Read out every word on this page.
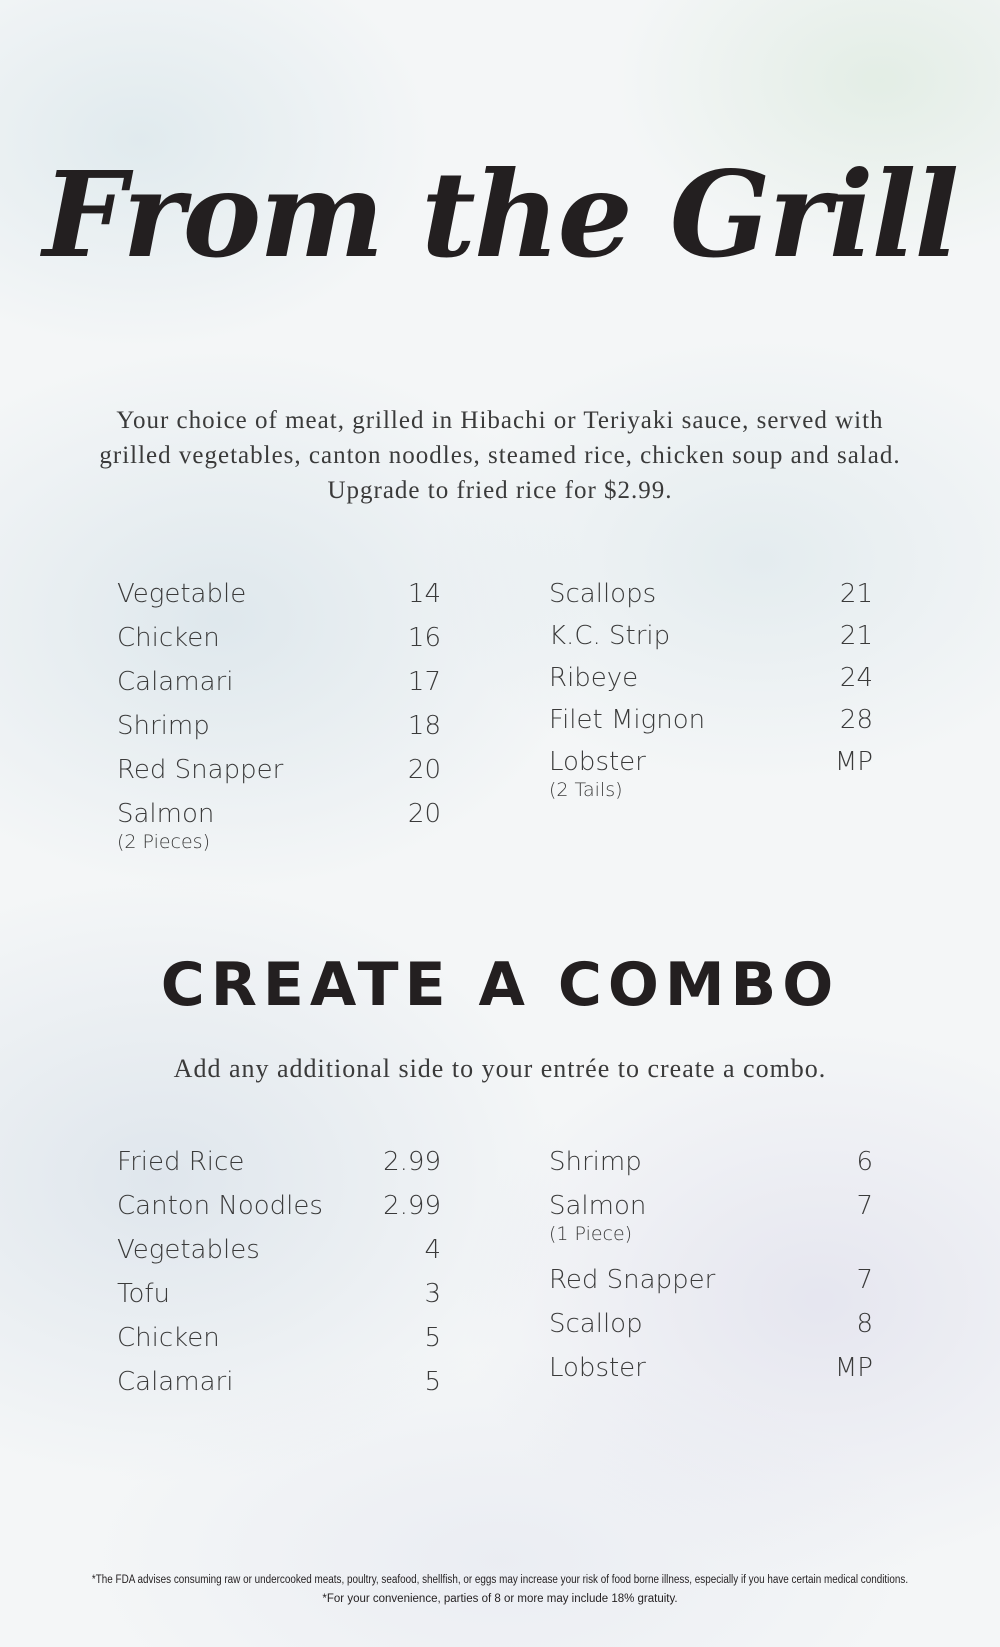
From the Grill
Your choice of meat, grilled in Hibachi or Teriyaki sauce, served with
grilled vegetables, canton noodles, steamed rice, chicken soup and salad.
Upgrade to fried rice for $2.99.
Vegetable	14
Chicken	16
Calamari	17
Shrimp	18
Red Snapper	20
Salmon	20
(2 Pieces)
Scallops	21
K.C. Strip	21
Ribeye	24
Filet Mignon	28
Lobster	MP
(2 Tails)
CREATE A COMBO
Add any additional side to your entrée to create a combo.
Fried Rice	2.99
Canton Noodles	2.99
Vegetables	4
Tofu	3
Chicken	5
Calamari	5
Shrimp	6
Salmon	7
(1 Piece)
Red Snapper	7
Scallop	8
Lobster	MP
*The FDA advises consuming raw or undercooked meats, poultry, seafood, shellfish, or eggs may increase your risk of food borne illness, especially if you have certain medical conditions.
*For your convenience, parties of 8 or more may include 18% gratuity.
